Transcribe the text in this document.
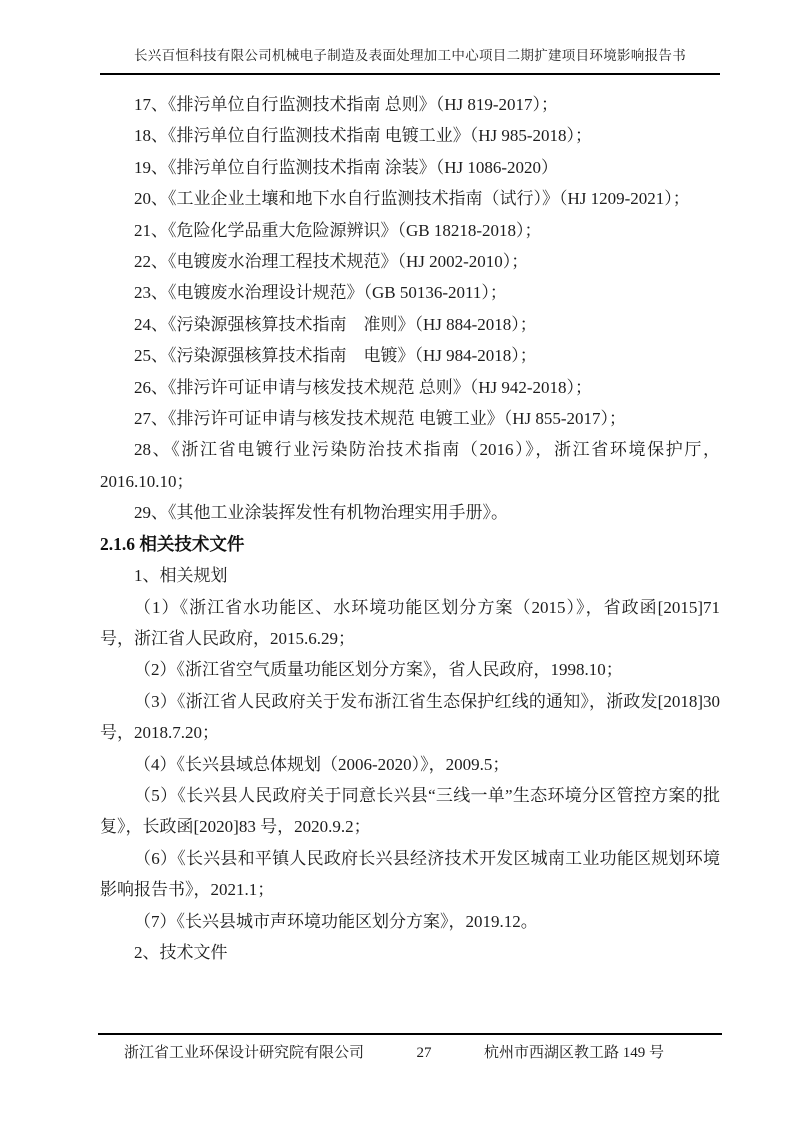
长兴百恒科技有限公司机械电子制造及表面处理加工中心项目二期扩建项目环境影响报告书

17、《排污单位自行监测技术指南 总则》（HJ 819-2017）；

18、《排污单位自行监测技术指南 电镀工业》（HJ 985-2018）；

19、《排污单位自行监测技术指南 涂装》（HJ 1086-2020）

20、《工业企业土壤和地下水自行监测技术指南（试行）》（HJ 1209-2021）；

21、《危险化学品重大危险源辨识》（GB 18218-2018）；

22、《电镀废水治理工程技术规范》（HJ 2002-2010）；

23、《电镀废水治理设计规范》（GB 50136-2011）；

24、《污染源强核算技术指南　准则》（HJ 884-2018）；

25、《污染源强核算技术指南　电镀》（HJ 984-2018）；

26、《排污许可证申请与核发技术规范 总则》（HJ 942-2018）；

27、《排污许可证申请与核发技术规范 电镀工业》（HJ 855-2017）；

28、《浙江省电镀行业污染防治技术指南（2016）》，浙江省环境保护厅，2016.10.10；

29、《其他工业涂装挥发性有机物治理实用手册》。

2.1.6 相关技术文件

1、相关规划

（1）《浙江省水功能区、水环境功能区划分方案（2015）》，省政函[2015]71 号，浙江省人民政府，2015.6.29；

（2）《浙江省空气质量功能区划分方案》，省人民政府，1998.10；

（3）《浙江省人民政府关于发布浙江省生态保护红线的通知》，浙政发[2018]30 号，2018.7.20；

（4）《长兴县域总体规划（2006-2020）》，2009.5；

（5）《长兴县人民政府关于同意长兴县“三线一单”生态环境分区管控方案的批复》，长政函[2020]83 号，2020.9.2；

（6）《长兴县和平镇人民政府长兴县经济技术开发区城南工业功能区规划环境影响报告书》，2021.1；

（7）《长兴县城市声环境功能区划分方案》，2019.12。

2、技术文件

浙江省工业环保设计研究院有限公司	27	杭州市西湖区教工路 149 号
